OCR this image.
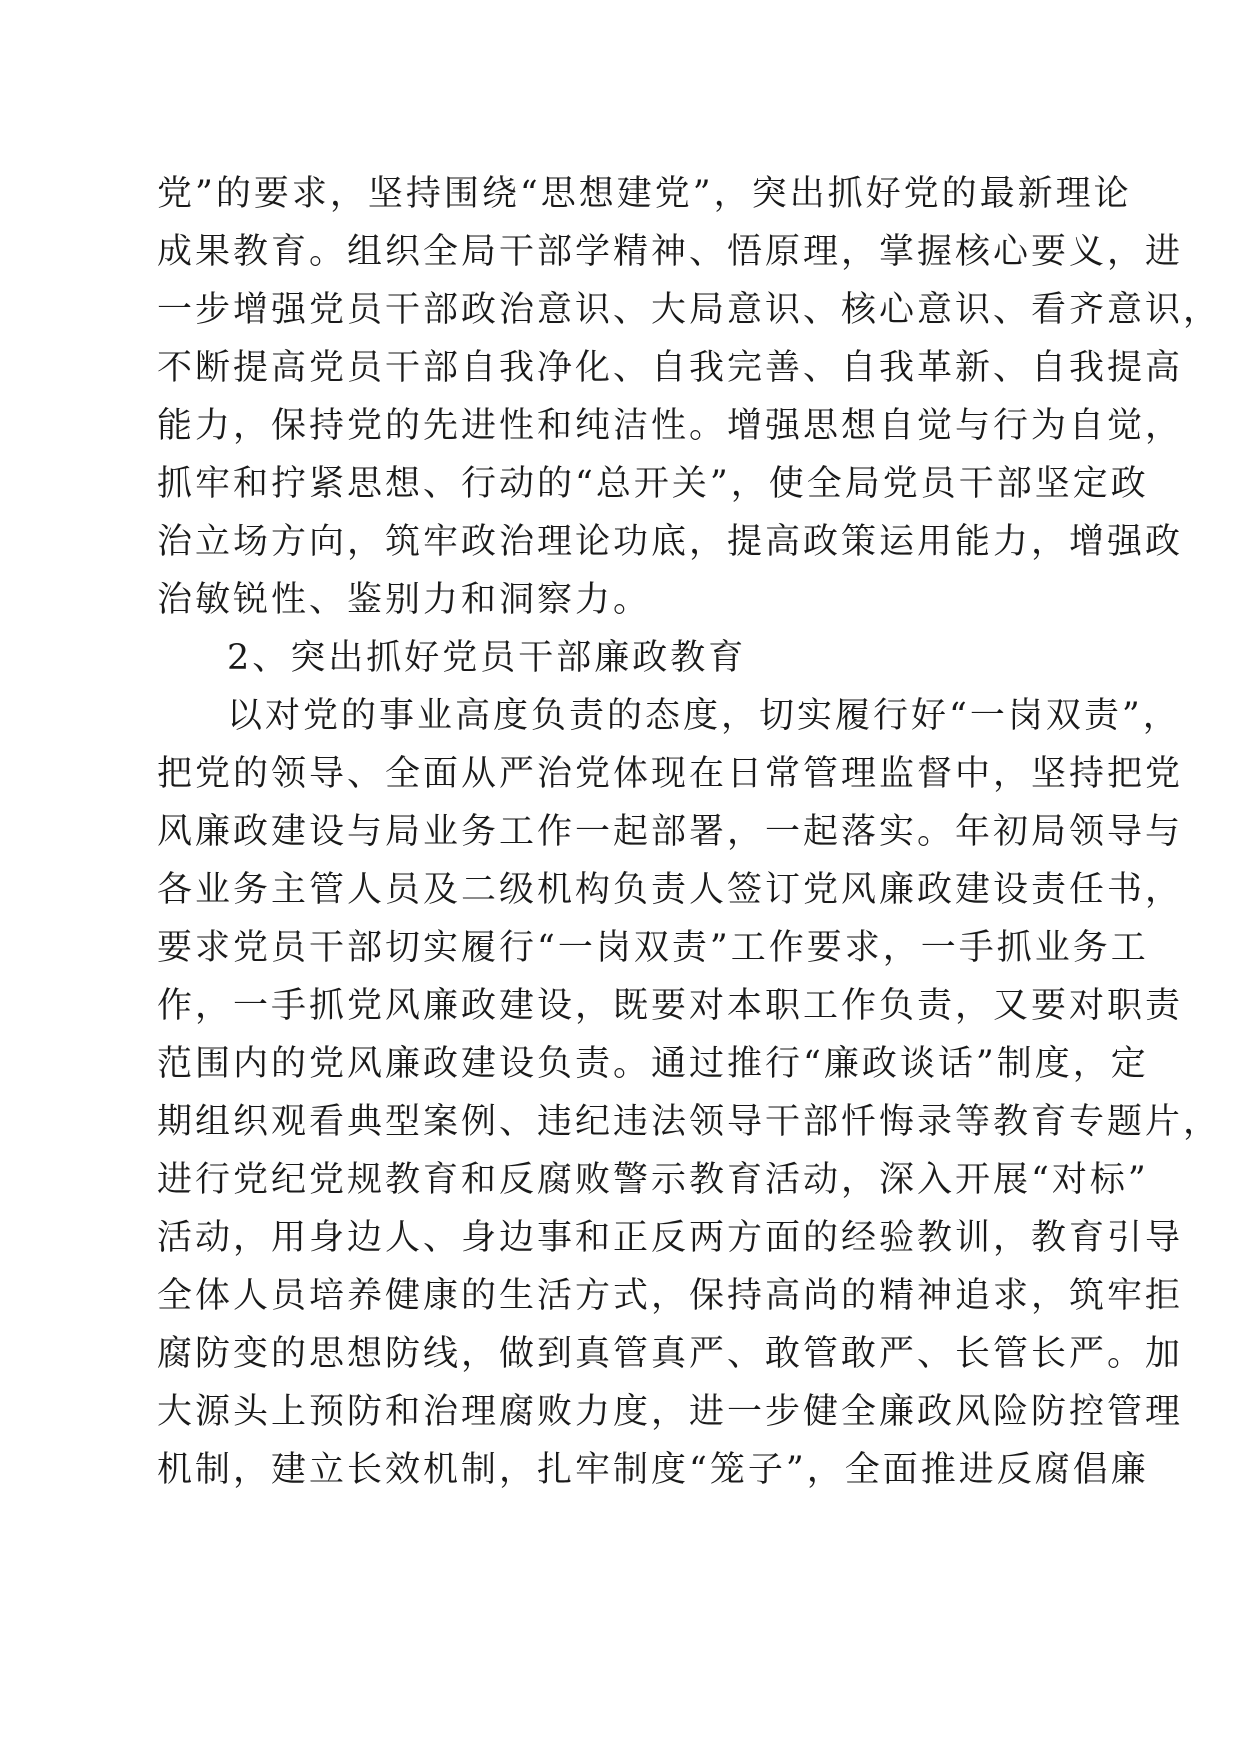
党”的要求，坚持围绕“思想建党”，突出抓好党的最新理论
成果教育。组织全局干部学精神、悟原理，掌握核心要义，进
一步增强党员干部政治意识、大局意识、核心意识、看齐意识，
不断提高党员干部自我净化、自我完善、自我革新、自我提高
能力，保持党的先进性和纯洁性。增强思想自觉与行为自觉，
抓牢和拧紧思想、行动的“总开关”，使全局党员干部坚定政
治立场方向，筑牢政治理论功底，提高政策运用能力，增强政
治敏锐性、鉴别力和洞察力。
2、突出抓好党员干部廉政教育
以对党的事业高度负责的态度，切实履行好“一岗双责”，
把党的领导、全面从严治党体现在日常管理监督中，坚持把党
风廉政建设与局业务工作一起部署，一起落实。年初局领导与
各业务主管人员及二级机构负责人签订党风廉政建设责任书，
要求党员干部切实履行“一岗双责”工作要求，一手抓业务工
作，一手抓党风廉政建设，既要对本职工作负责，又要对职责
范围内的党风廉政建设负责。通过推行“廉政谈话”制度，定
期组织观看典型案例、违纪违法领导干部忏悔录等教育专题片，
进行党纪党规教育和反腐败警示教育活动，深入开展“对标”
活动，用身边人、身边事和正反两方面的经验教训，教育引导
全体人员培养健康的生活方式，保持高尚的精神追求，筑牢拒
腐防变的思想防线，做到真管真严、敢管敢严、长管长严。加
大源头上预防和治理腐败力度，进一步健全廉政风险防控管理
机制，建立长效机制，扎牢制度“笼子”，全面推进反腐倡廉
